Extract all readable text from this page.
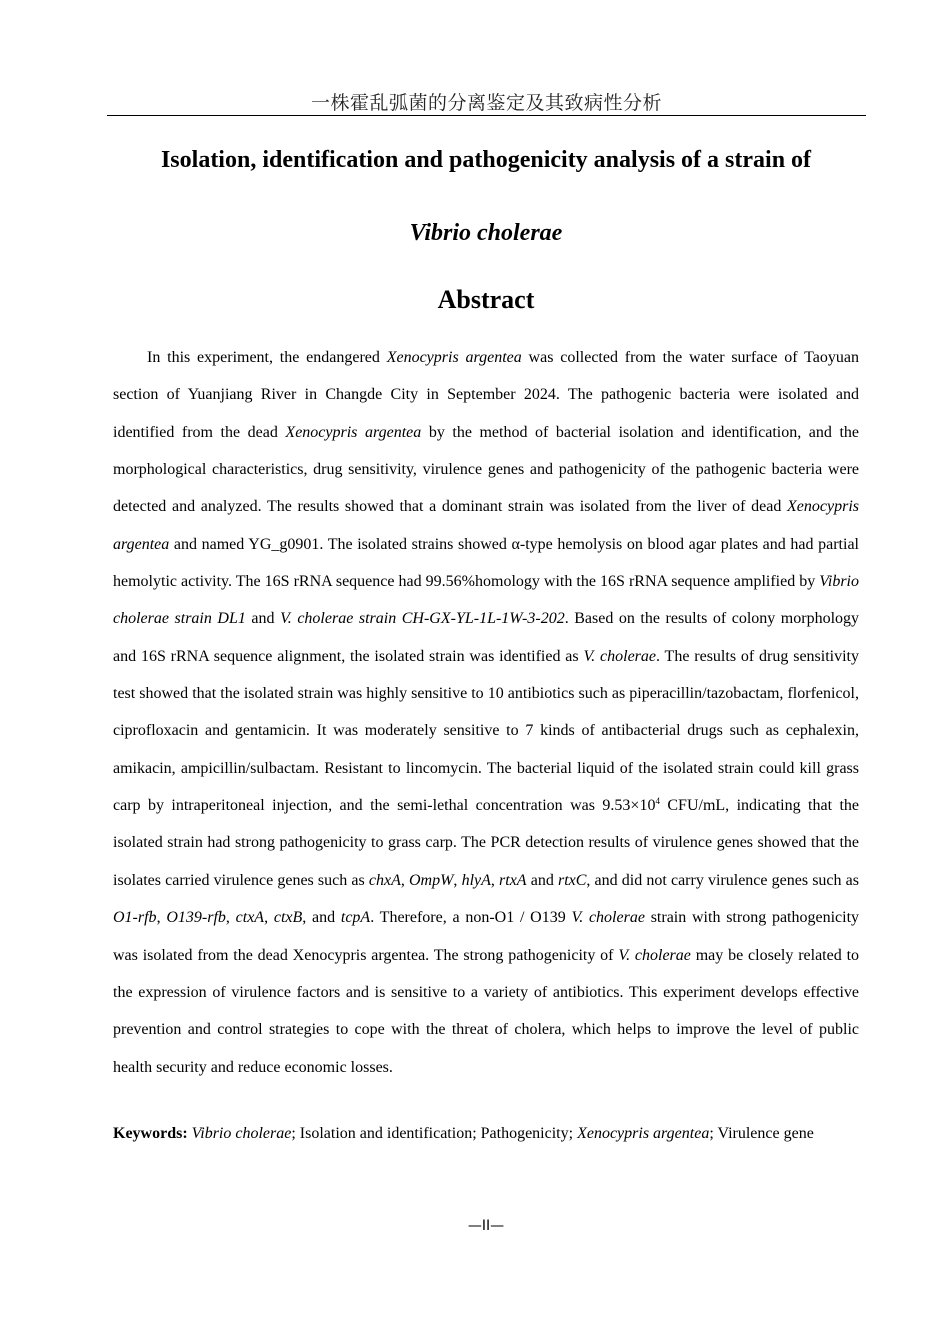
一株霍乱弧菌的分离鉴定及其致病性分析
Isolation, identification and pathogenicity analysis of a strain of
Vibrio cholerae
Abstract

In this experiment, the endangered Xenocypris argentea was collected from the water surface of Taoyuan section of Yuanjiang River in Changde City in September 2024. The pathogenic bacteria were isolated and identified from the dead Xenocypris argentea by the method of bacterial isolation and identification, and the morphological characteristics, drug sensitivity, virulence genes and pathogenicity of the pathogenic bacteria were detected and analyzed. The results showed that a dominant strain was isolated from the liver of dead Xenocypris argentea and named YG_g0901. The isolated strains showed α-type hemolysis on blood agar plates and had partial hemolytic activity. The 16S rRNA sequence had 99.56%homology with the 16S rRNA sequence amplified by Vibrio cholerae strain DL1 and V. cholerae strain CH-GX-YL-1L-1W-3-202. Based on the results of colony morphology and 16S rRNA sequence alignment, the isolated strain was identified as V. cholerae. The results of drug sensitivity test showed that the isolated strain was highly sensitive to 10 antibiotics such as piperacillin/tazobactam, florfenicol, ciprofloxacin and gentamicin. It was moderately sensitive to 7 kinds of antibacterial drugs such as cephalexin, amikacin, ampicillin/sulbactam. Resistant to lincomycin. The bacterial liquid of the isolated strain could kill grass carp by intraperitoneal injection, and the semi-lethal concentration was $9.53\times 10^4$ CFU/mL, indicating that the isolated strain had strong pathogenicity to grass carp. The PCR detection results of virulence genes showed that the isolates carried virulence genes such as chxA, OmpW, hlyA, rtxA and rtxC, and did not carry virulence genes such as O1-rfb, O139-rfb, ctxA, ctxB, and tcpA. Therefore, a non-O1 / O139 V. cholerae strain with strong pathogenicity was isolated from the dead Xenocypris argentea. The strong pathogenicity of V. cholerae may be closely related to the expression of virulence factors and is sensitive to a variety of antibiotics. This experiment develops effective prevention and control strategies to cope with the threat of cholera, which helps to improve the level of public health security and reduce economic losses.

Keywords: Vibrio cholerae; Isolation and identification; Pathogenicity; Xenocypris argentea; Virulence gene

—II—
